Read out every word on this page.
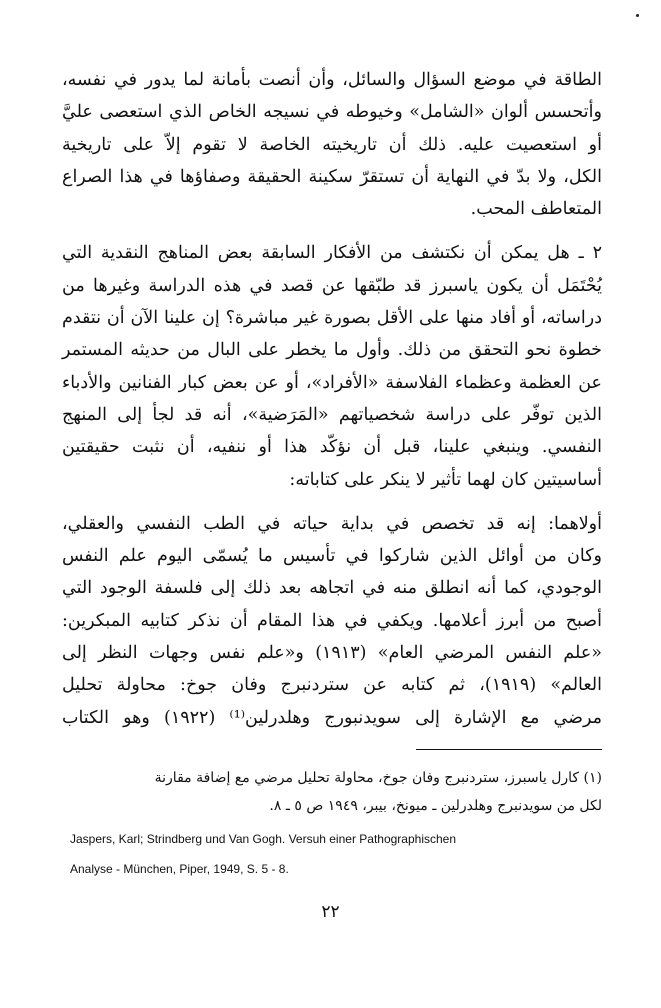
الطاقة في موضع السؤال والسائل، وأن أنصت بأمانة لما يدور في نفسه،
وأتحسس ألوان «الشامل» وخيوطه في نسيجه الخاص الذي استعصى عليَّ
أو استعصيت عليه. ذلك أن تاريخيته الخاصة لا تقوم إلاّ على تاريخية
الكل، ولا بدّ في النهاية أن تستقرّ سكينة الحقيقة وصفاؤها في هذا الصراع
المتعاطف المحب.
٢ ـ هل يمكن أن نكتشف من الأفكار السابقة بعض المناهج النقدية التي
يُحْتَمَل أن يكون ياسبرز قد طبّقها عن قصد في هذه الدراسة وغيرها من
دراساته، أو أفاد منها على الأقل بصورة غير مباشرة؟ إن علينا الآن أن نتقدم
خطوة نحو التحقق من ذلك. وأول ما يخطر على البال من حديثه المستمر
عن العظمة وعظماء الفلاسفة «الأفراد»، أو عن بعض كبار الفنانين والأدباء
الذين توفّر على دراسة شخصياتهم «المَرَضية»، أنه قد لجأ إلى المنهج
النفسي. وينبغي علينا، قبل أن نؤكّد هذا أو ننفيه، أن نثبت حقيقتين
أساسيتين كان لهما تأثير لا ينكر على كتاباته:
أولاهما: إنه قد تخصص في بداية حياته في الطب النفسي والعقلي،
وكان من أوائل الذين شاركوا في تأسيس ما يُسمّى اليوم علم النفس
الوجودي، كما أنه انطلق منه في اتجاهه بعد ذلك إلى فلسفة الوجود التي
أصبح من أبرز أعلامها. ويكفي في هذا المقام أن نذكر كتابيه المبكرين:
«علم النفس المرضي العام» (١٩١٣) و«علم نفس وجهات النظر إلى
العالم» (١٩١٩)، ثم كتابه عن ستردنبرج وفان جوخ: محاولة تحليل
مرضي مع الإشارة إلى سويدنبورج وهلدرلين⁽¹⁾ (١٩٢٢) وهو الكتاب
(١) كارل ياسبرز، ستردنبرج وفان جوخ، محاولة تحليل مرضي مع إضافة مقارنة
لكل من سويدنبرج وهلدرلين ـ ميونخ، بيبر، ١٩٤٩ ص ٥ ـ ٨.
Jaspers, Karl; Strindberg und Van Gogh. Versuh einer Pathographischen
Analyse - München, Piper, 1949, S. 5 - 8.
٢٢
